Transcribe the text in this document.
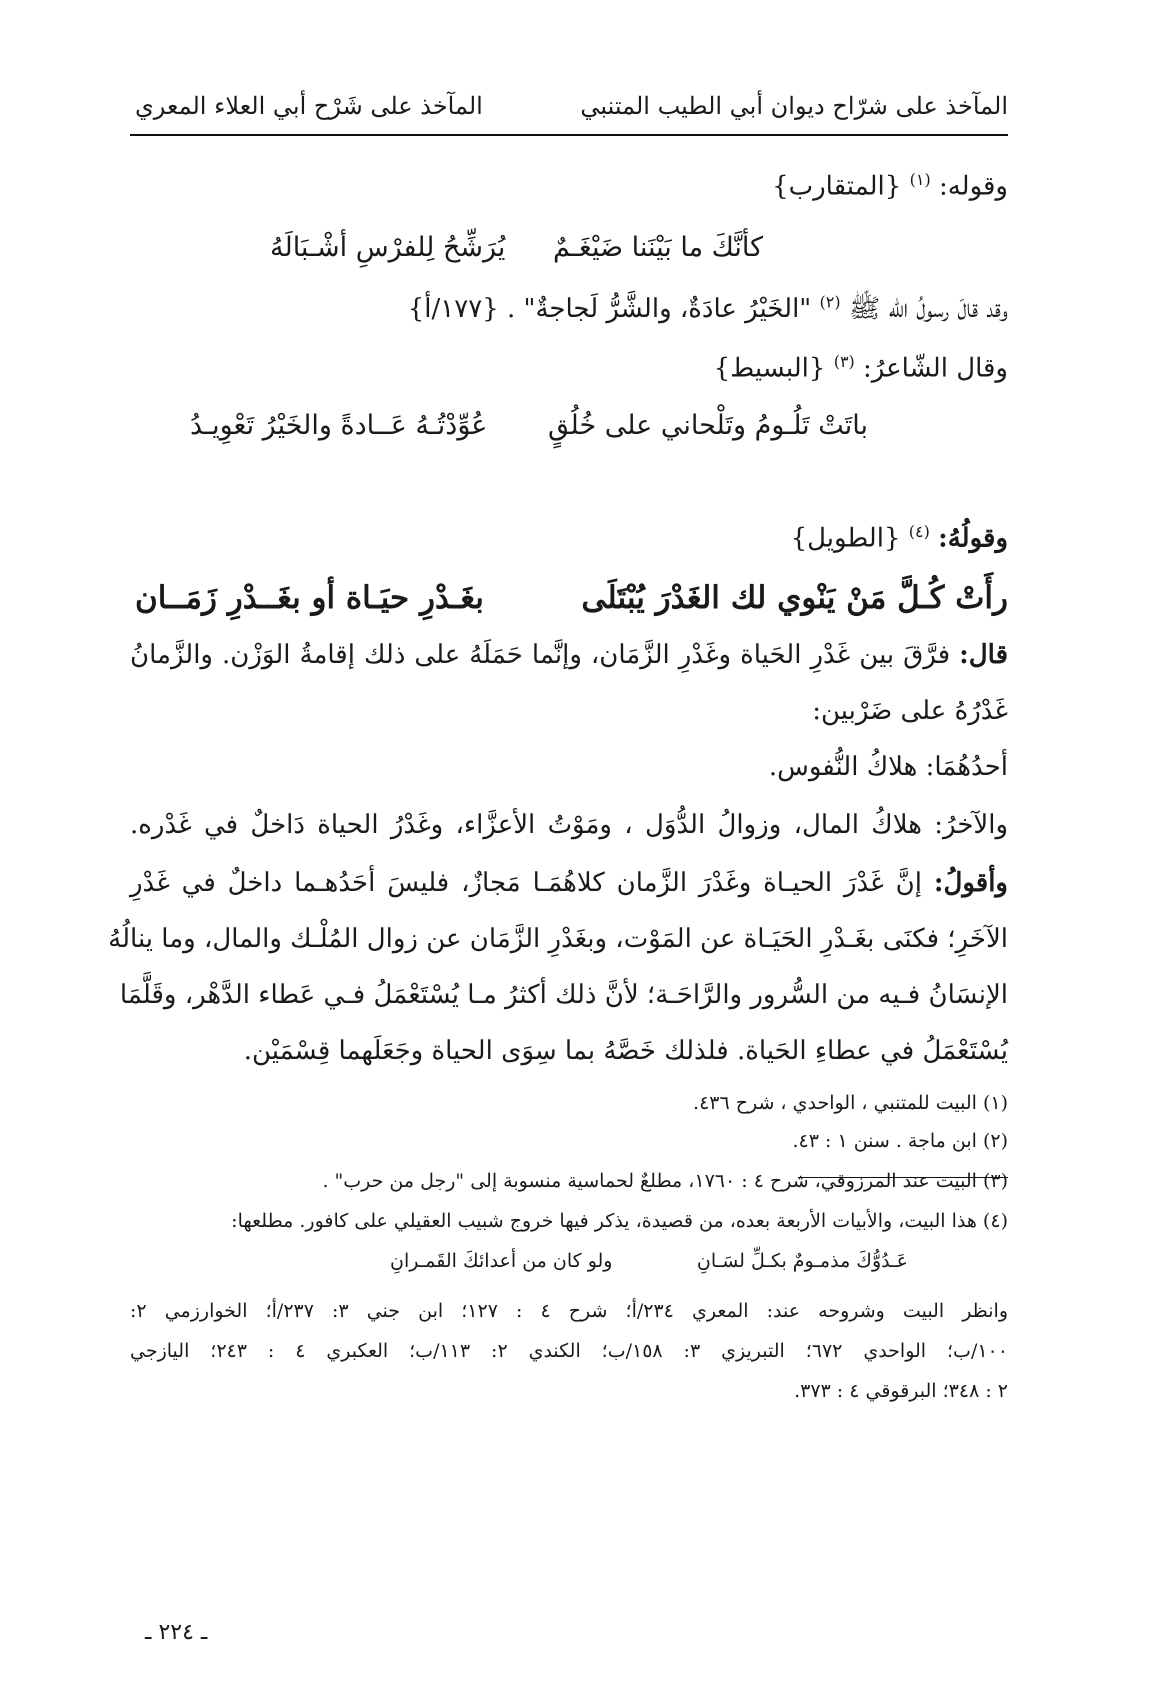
المآخذ على شرّاح ديوان أبي الطيب المتنبي
المآخذ على شَرْح أبي العلاء المعري
وقوله: $^{(١)}$ {المتقارب}
كأنَّكَ ما بَيْنَنا ضَيْغَـمٌ
يُرَشِّحُ لِلفرْسِ أشْـبَالَهُ
وقد قالَ رسولُ اللّه ﷺ $^{(٢)}$ "الخَيْرُ عادَةٌ، والشَّرُّ لَجاجةٌ" . {١٧٧/أ}
وقال الشّاعرُ: $^{(٣)}$ {البسيط}
باتَتْ تَلُـومُ وتَلْحاني على خُلُقٍ
عُوِّدْتُـهُ عَــادةً والخَيْرُ تَعْوِيـدُ
وقولُهُ: $^{(٤)}$ {الطويل}
رأَتْ كُـلَّ مَنْ يَنْوي لك الغَدْرَ يُبْتَلَى
بغَـدْرِ حيَـاة أو بغَــدْرِ زَمَــان
قال: فرَّقَ بين غَدْرِ الحَياة وغَدْرِ الزَّمَان، وإنَّما حَمَلَهُ على ذلك إقامةُ الوَزْن. والزَّمانُ
غَدْرُهُ على ضَرْبين:
أحدُهُمَا: هلاكُ النُّفوس.
والآخرُ: هلاكُ المال، وزوالُ الدُّوَل ، ومَوْتُ الأعزَّاء، وغَدْرُ الحياة دَاخلٌ في غَدْره.
وأقولُ: إنَّ غَدْرَ الحيـاة وغَدْرَ الزَّمان كلاهُمَـا مَجازٌ، فليسَ أحَدُهـما داخلٌ في غَدْرِ
الآخَرِ؛ فكنَى بغَـدْرِ الحَيَـاة عن المَوْت، وبغَدْرِ الزَّمَان عن زوال المُلْـك والمال، وما ينالُهُ
الإنسَانُ فـيه من السُّرور والرَّاحَـة؛ لأنَّ ذلك أكثرُ مـا يُسْتَعْمَلُ فـي عَطاء الدَّهْر، وقَلَّمَا
يُسْتَعْمَلُ في عطاءِ الحَياة. فلذلك خَصَّهُ بما سِوَى الحياة وجَعَلَهما قِسْمَيْن.
(١) البيت للمتنبي ، الواحدي ، شرح ٤٣٦.
(٢) ابن ماجة . سنن ١ : ٤٣.
(٣) البيت عند المرزوقي، شرح ٤ : ١٧٦٠، مطلعٌ لحماسية منسوبة إلى "رجل من حرب" .
(٤) هذا البيت، والأبيات الأربعة بعده، من قصيدة، يذكر فيها خروج شبيب العقيلي على كافور. مطلعها:
عَـدُوُّكَ مذمـومٌ بكـلِّ لسَـانِ
ولو كان من أعدائكَ القَمـرانِ
وانظر البيت وشروحه عند: المعري ٢٣٤/أ؛ شرح ٤ : ١٢٧؛ ابن جني ٣: ٢٣٧/أ؛ الخوارزمي ٢:
١٠٠/ب؛ الواحدي ٦٧٢؛ التبريزي ٣: ١٥٨/ب؛ الكندي ٢: ١١٣/ب؛ العكبري ٤ : ٢٤٣؛ اليازجي
٢ : ٣٤٨؛ البرقوقي ٤ : ٣٧٣.
ـ ٢٢٤ ـ
